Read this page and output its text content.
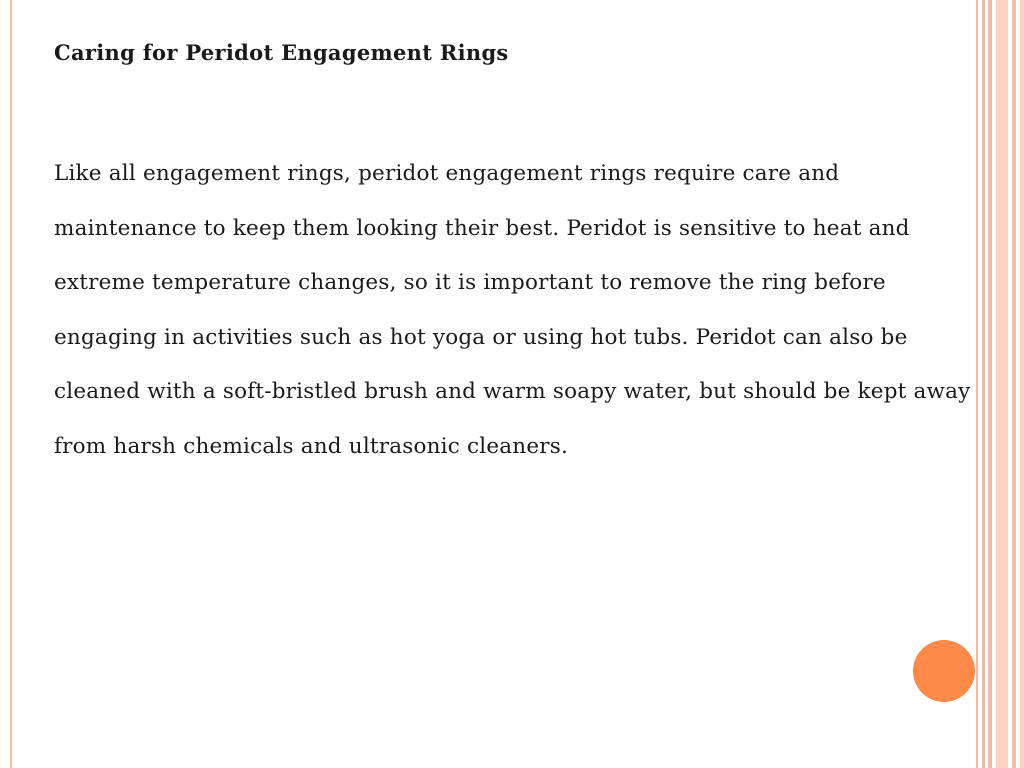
Caring for Peridot Engagement Rings

Like all engagement rings, peridot engagement rings require care and maintenance to keep them looking their best. Peridot is sensitive to heat and extreme temperature changes, so it is important to remove the ring before engaging in activities such as hot yoga or using hot tubs. Peridot can also be cleaned with a soft-bristled brush and warm soapy water, but should be kept away from harsh chemicals and ultrasonic cleaners.
